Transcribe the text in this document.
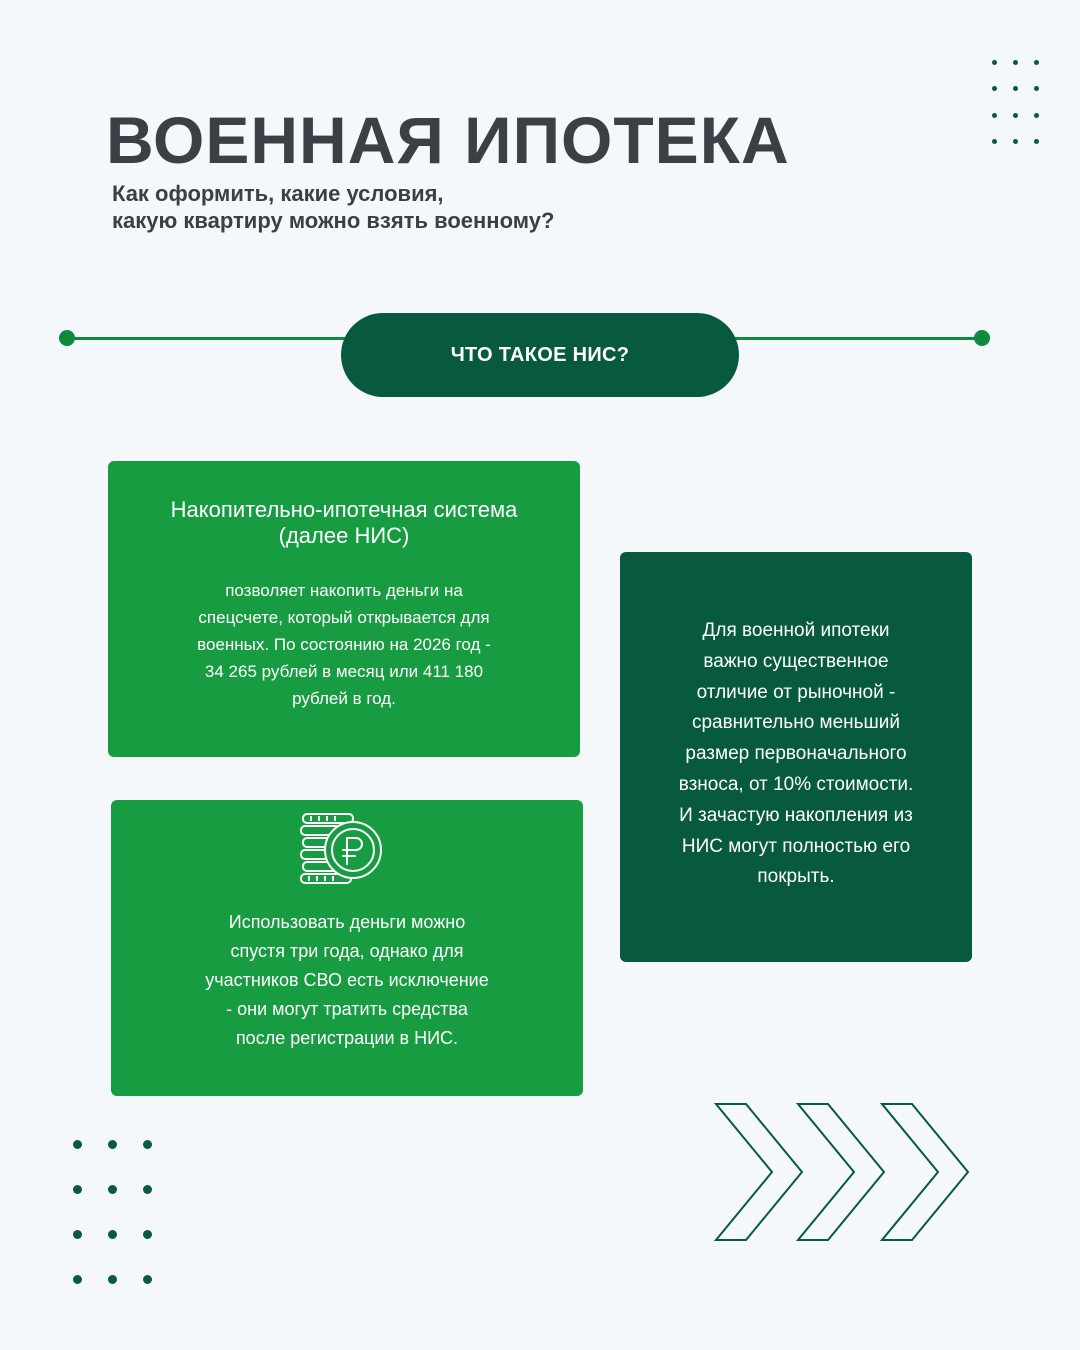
ВОЕННАЯ ИПОТЕКА
Как оформить, какие условия,
какую квартиру можно взять военному?
ЧТО ТАКОЕ НИС?
Накопительно-ипотечная система
(далее НИС)
позволяет накопить деньги на
спецсчете, который открывается для
военных. По состоянию на 2026 год -
34 265 рублей в месяц или 411 180
рублей в год.
Использовать деньги можно
спустя три года, однако для
участников СВО есть исключение
- они могут тратить средства
после регистрации в НИС.
Для военной ипотеки
важно существенное
отличие от рыночной -
сравнительно меньший
размер первоначального
взноса, от 10% стоимости.
И зачастую накопления из
НИС могут полностью его
покрыть.
